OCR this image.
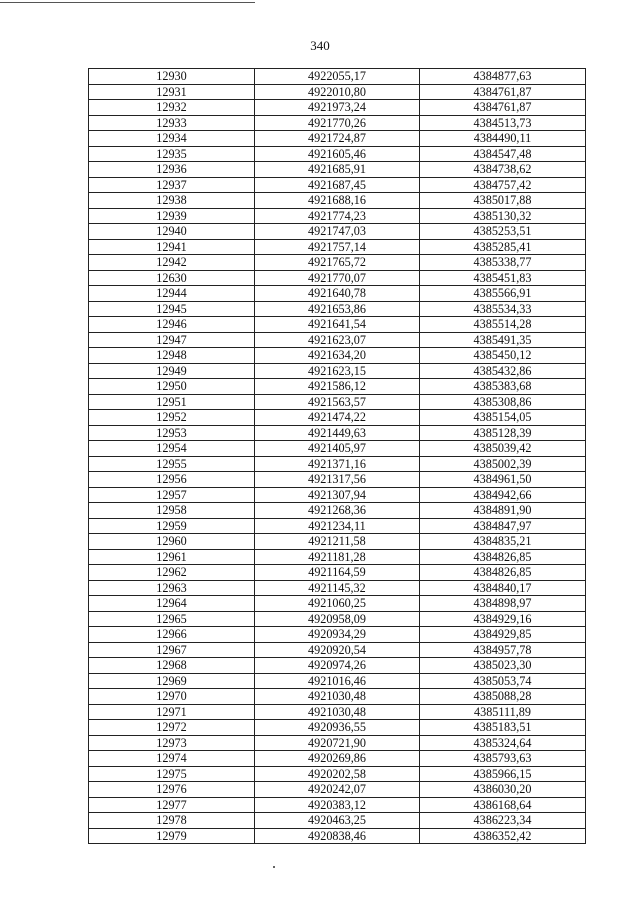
340
12930	4922055,17	4384877,63
12931	4922010,80	4384761,87
12932	4921973,24	4384761,87
12933	4921770,26	4384513,73
12934	4921724,87	4384490,11
12935	4921605,46	4384547,48
12936	4921685,91	4384738,62
12937	4921687,45	4384757,42
12938	4921688,16	4385017,88
12939	4921774,23	4385130,32
12940	4921747,03	4385253,51
12941	4921757,14	4385285,41
12942	4921765,72	4385338,77
12630	4921770,07	4385451,83
12944	4921640,78	4385566,91
12945	4921653,86	4385534,33
12946	4921641,54	4385514,28
12947	4921623,07	4385491,35
12948	4921634,20	4385450,12
12949	4921623,15	4385432,86
12950	4921586,12	4385383,68
12951	4921563,57	4385308,86
12952	4921474,22	4385154,05
12953	4921449,63	4385128,39
12954	4921405,97	4385039,42
12955	4921371,16	4385002,39
12956	4921317,56	4384961,50
12957	4921307,94	4384942,66
12958	4921268,36	4384891,90
12959	4921234,11	4384847,97
12960	4921211,58	4384835,21
12961	4921181,28	4384826,85
12962	4921164,59	4384826,85
12963	4921145,32	4384840,17
12964	4921060,25	4384898,97
12965	4920958,09	4384929,16
12966	4920934,29	4384929,85
12967	4920920,54	4384957,78
12968	4920974,26	4385023,30
12969	4921016,46	4385053,74
12970	4921030,48	4385088,28
12971	4921030,48	4385111,89
12972	4920936,55	4385183,51
12973	4920721,90	4385324,64
12974	4920269,86	4385793,63
12975	4920202,58	4385966,15
12976	4920242,07	4386030,20
12977	4920383,12	4386168,64
12978	4920463,25	4386223,34
12979	4920838,46	4386352,42
